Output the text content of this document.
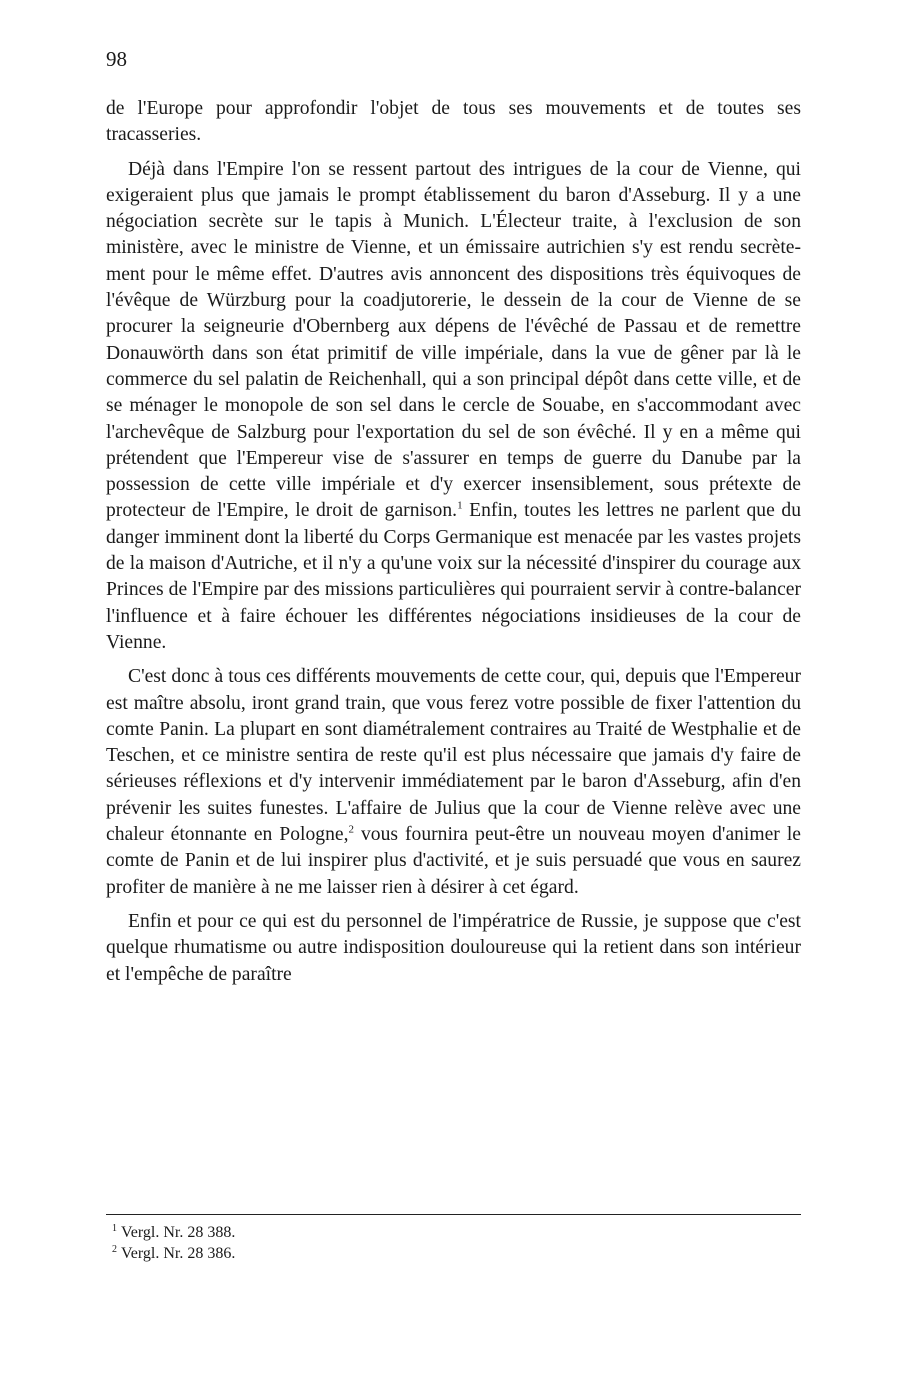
98

de l'Europe pour approfondir l'objet de tous ses mouvements et de toutes ses tracasseries.

Déjà dans l'Empire l'on se ressent partout des intrigues de la cour de Vienne, qui exigeraient plus que jamais le prompt établissement du baron d'Asseburg. Il y a une négociation secrète sur le tapis à Munich. L'Électeur traite, à l'exclusion de son ministère, avec le ministre de Vienne, et un émissaire autrichien s'y est rendu secrètement pour le même effet. D'autres avis annoncent des dispositions très équivoques de l'évêque de Würzburg pour la coadjutorerie, le dessein de la cour de Vienne de se procurer la seigneurie d'Obernberg aux dépens de l'évêché de Passau et de remettre Donauwörth dans son état primitif de ville impériale, dans la vue de gêner par là le commerce du sel palatin de Reichenhall, qui a son principal dépôt dans cette ville, et de se ménager le monopole de son sel dans le cercle de Souabe, en s'accommodant avec l'archevêque de Salzburg pour l'exportation du sel de son évêché. Il y en a même qui prétendent que l'Empereur vise de s'assurer en temps de guerre du Danube par la possession de cette ville impériale et d'y exercer insensiblement, sous prétexte de protecteur de l'Empire, le droit de garnison.$^1$ Enfin, toutes les lettres ne parlent que du danger imminent dont la liberté du Corps Germanique est menacée par les vastes projets de la maison d'Autriche, et il n'y a qu'une voix sur la nécessité d'inspirer du courage aux Princes de l'Empire par des missions particulières qui pourraient servir à contre-balancer l'influence et à faire échouer les différentes négociations insidieuses de la cour de Vienne.

C'est donc à tous ces différents mouvements de cette cour, qui, depuis que l'Empereur est maître absolu, iront grand train, que vous ferez votre possible de fixer l'attention du comte Panin. La plupart en sont diamétralement contraires au Traité de Westphalie et de Teschen, et ce ministre sentira de reste qu'il est plus nécessaire que jamais d'y faire de sérieuses réflexions et d'y intervenir immédiatement par le baron d'Asseburg, afin d'en prévenir les suites funestes. L'affaire de Julius que la cour de Vienne relève avec une chaleur étonnante en Pologne,$^2$ vous fournira peut-être un nouveau moyen d'animer le comte de Panin et de lui inspirer plus d'activité, et je suis persuadé que vous en saurez profiter de manière à ne me laisser rien à désirer à cet égard.

Enfin et pour ce qui est du personnel de l'impératrice de Russie, je suppose que c'est quelque rhumatisme ou autre indisposition douloureuse qui la retient dans son intérieur et l'empêche de paraître

$^1$ Vergl. Nr. 28 388.

$^2$ Vergl. Nr. 28 386.
